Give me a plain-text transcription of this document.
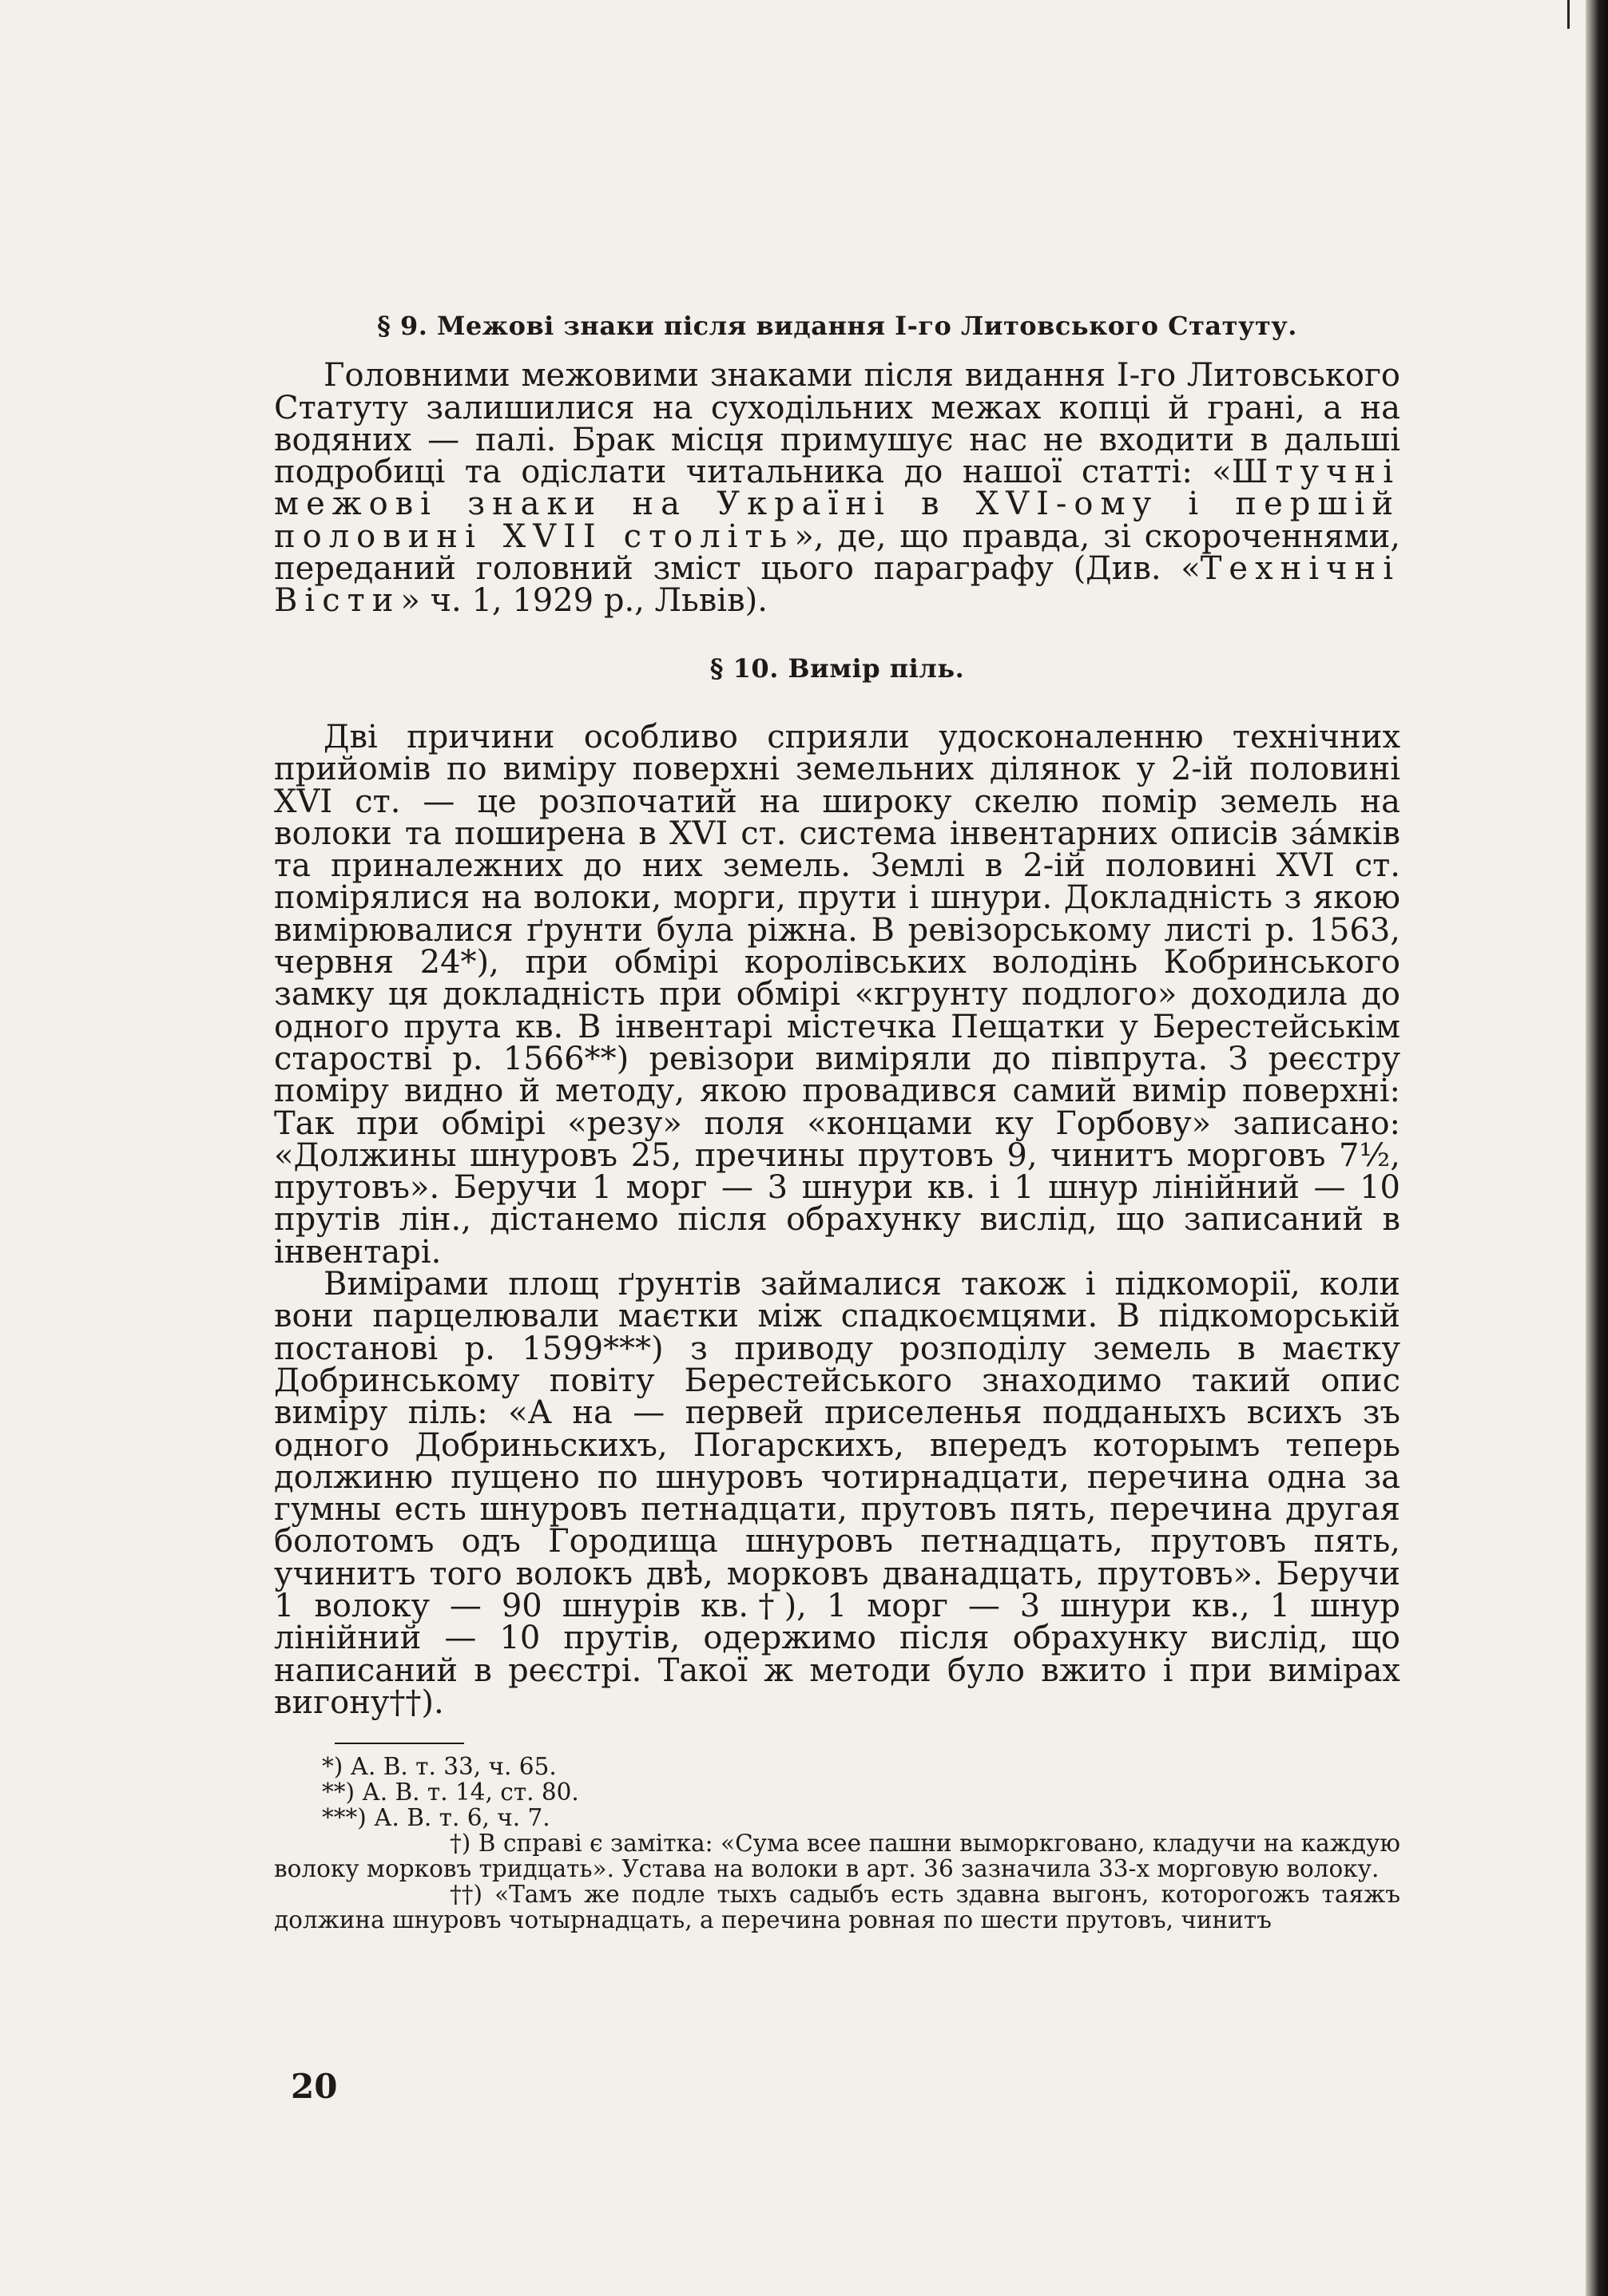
§ 9. Межові знаки після видання І-го Литовського Статуту.

Головними межовими знаками після видання І-го Литовського Статуту залишилися на суходільних межах копці й грані, а на водяних — палі. Брак місця примушує нас не входити в дальші подробиці та одіслати читальника до нашої статті: «Штучні межові знаки на Україні в XVI-ому і першій половині XVII століть», де, що правда, зі скороченнями, переданий головний зміст цього параграфу (Див. «Технічні Вісти» ч. 1, 1929 р., Львів).

§ 10. Вимір піль.

Дві причини особливо сприяли удосконаленню технічних прийомів по виміру поверхні земельних ділянок у 2-ій половині XVI ст. — це розпочатий на широку скелю помір земель на волоки та поширена в XVI ст. система інвентарних описів зáмків та приналежних до них земель. Землі в 2-ій половині XVI ст. помірялися на волоки, морги, прути і шнури. Докладність з якою вимірювалися ґрунти була ріжна. В ревізорському листі р. 1563, червня 24*), при обмірі королівських володінь Кобринського замку ця докладність при обмірі «кгрунту подлого» доходила до одного прута кв. В інвентарі містечка Пещатки у Берестейськім старостві р. 1566**) ревізори виміряли до півпрута. З реєстру поміру видно й методу, якою провадився самий вимір поверхні: Так при обмірі «резу» поля «концами ку Горбову» записано: «Должины шнуровъ 25, пречины прутовъ 9, чинитъ морговъ 7½, прутовъ». Беручи 1 морг — 3 шнури кв. і 1 шнур лінійний — 10 прутів лін., дістанемо після обрахунку вислід, що записаний в інвентарі.

Вимірами площ ґрунтів займалися також і підкоморії, коли вони парцелювали маєтки між спадкоємцями. В підкоморській постанові р. 1599***) з приводу розподілу земель в маєтку Добринському повіту Берестейського знаходимо такий опис виміру піль: «А на — первей приселенья подданыхъ всихъ зъ одного Добриньскихъ, Погарскихъ, впередъ которымъ теперь должиню пущено по шнуровъ чотирнадцати, перечина одна за гумны есть шнуровъ петнадцати, прутовъ пять, перечина другая болотомъ одъ Городища шнуровъ петнадцать, прутовъ пять, учинитъ того волокъ двѣ, морковъ дванадцать, прутовъ». Беручи 1 волоку — 90 шнурів кв.†), 1 морг — 3 шнури кв., 1 шнур лінійний — 10 прутів, одержимо після обрахунку вислід, що написаний в реєстрі. Такої ж методи було вжито і при вимірах вигону††).

*) А. В. т. 33, ч. 65.
**) А. В. т. 14, ст. 80.
***) А. В. т. 6, ч. 7.
†) В справі є замітка: «Сума всее пашни выморкговано, кладучи на каждую волоку морковъ тридцать». Устава на волоки в арт. 36 зазначила 33-х морговую волоку.
††) «Тамъ же подле тыхъ садыбъ есть здавна выгонъ, которогожъ таяжъ должина шнуровъ чотырнадцать, а перечина ровная по шести прутовъ, чинитъ
20
